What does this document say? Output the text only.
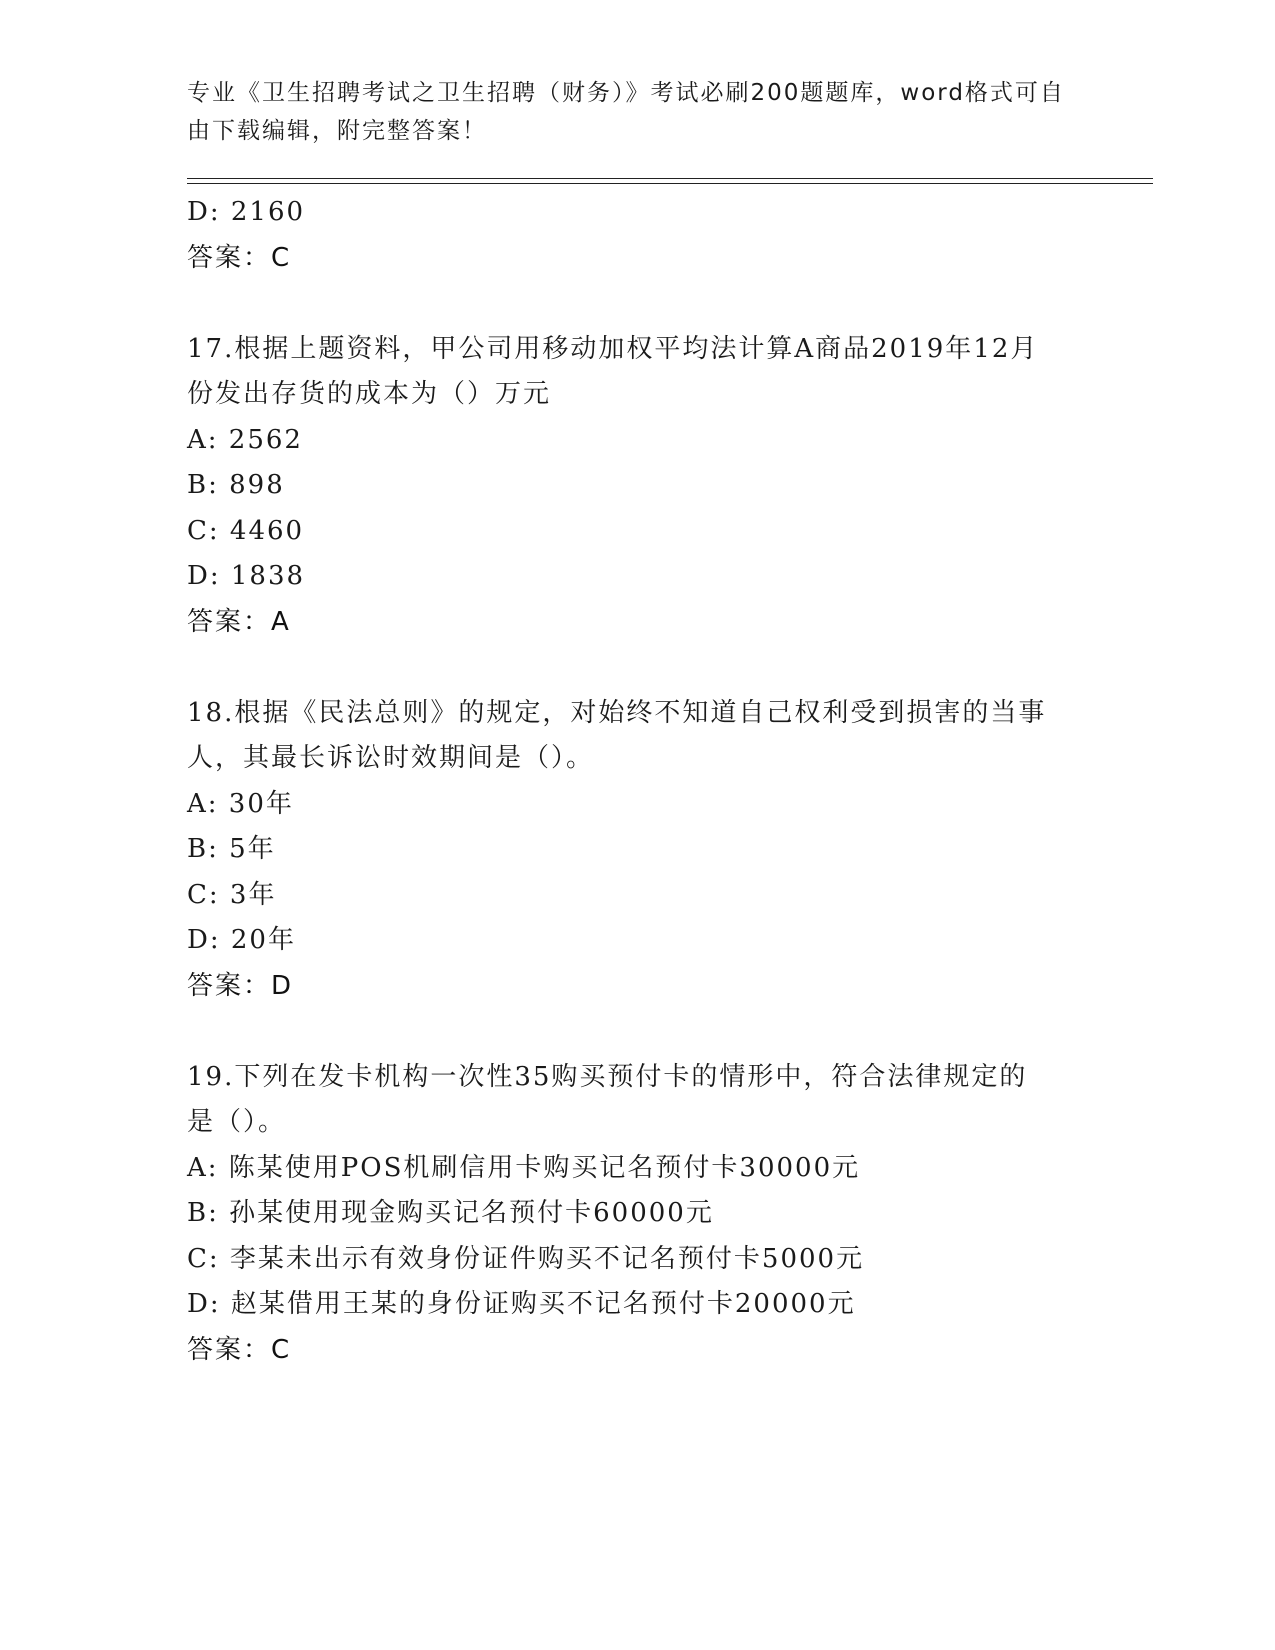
专业《卫生招聘考试之卫生招聘（财务）》考试必刷200题题库，word格式可自由下载编辑，附完整答案！
D: 2160
答案：C
17.根据上题资料，甲公司用移动加权平均法计算A商品2019年12月
份发出存货的成本为（）万元
A: 2562
B: 898
C: 4460
D: 1838
答案：A
18.根据《民法总则》的规定，对始终不知道自己权利受到损害的当事
人，其最长诉讼时效期间是（）。
A: 30年
B: 5年
C: 3年
D: 20年
答案：D
19.下列在发卡机构一次性35购买预付卡的情形中，符合法律规定的
是（）。
A: 陈某使用POS机刷信用卡购买记名预付卡30000元
B: 孙某使用现金购买记名预付卡60000元
C: 李某未出示有效身份证件购买不记名预付卡5000元
D: 赵某借用王某的身份证购买不记名预付卡20000元
答案：C
